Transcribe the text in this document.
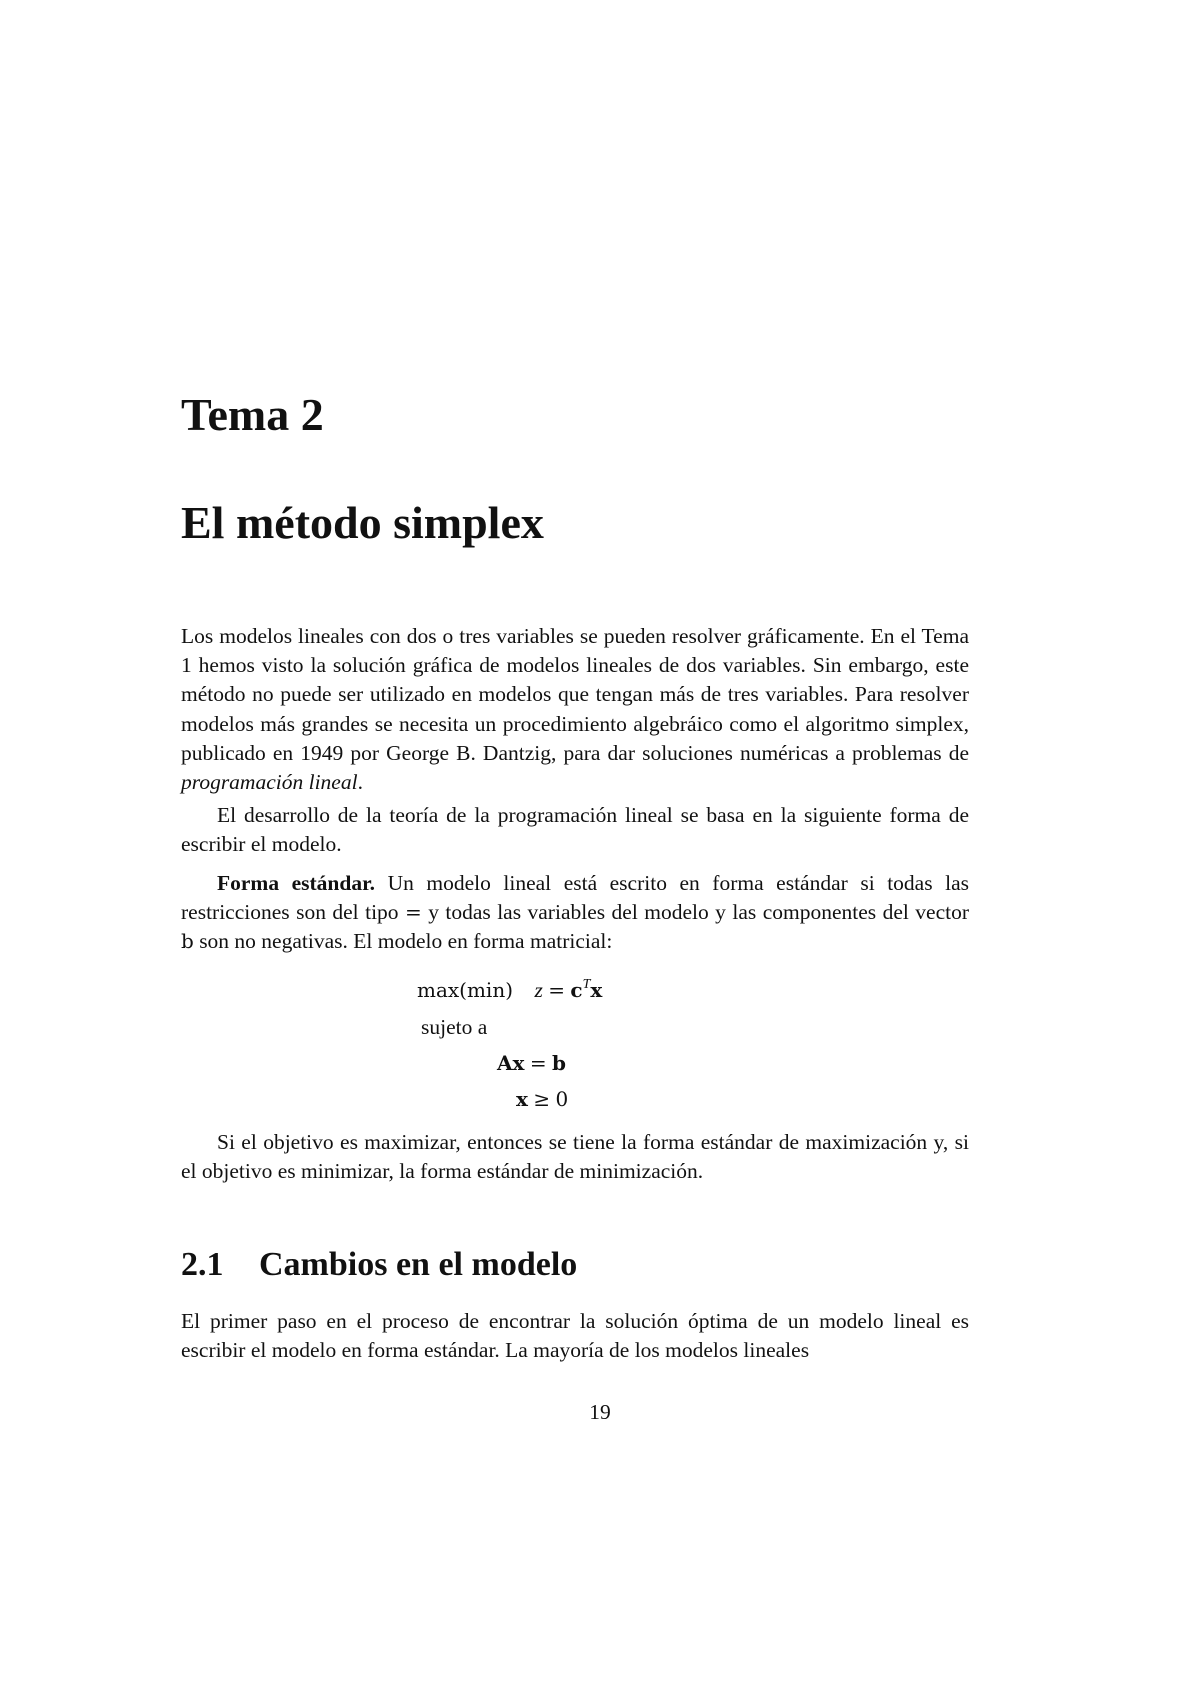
Tema 2
El método simplex

Los modelos lineales con dos o tres variables se pueden resolver gráficamente. En el Tema 1 hemos visto la solución gráfica de modelos lineales de dos variables. Sin embargo, este método no puede ser utilizado en modelos que tengan más de tres variables. Para resolver modelos más grandes se necesita un procedimiento algebráico como el algoritmo simplex, publicado en 1949 por George B. Dantzig, para dar soluciones numéricas a problemas de programación lineal.

El desarrollo de la teoría de la programación lineal se basa en la siguiente forma de escribir el modelo.

Forma estándar. Un modelo lineal está escrito en forma estándar si todas las restricciones son del tipo = y todas las variables del modelo y las componentes del vector b son no negativas. El modelo en forma matricial:

max(min) $z = c^Tx$
sujeto a
Ax = b
x ≥ 0

Si el objetivo es maximizar, entonces se tiene la forma estándar de maximización y, si el objetivo es minimizar, la forma estándar de minimización.

2.1 Cambios en el modelo

El primer paso en el proceso de encontrar la solución óptima de un modelo lineal es escribir el modelo en forma estándar. La mayoría de los modelos lineales

19
